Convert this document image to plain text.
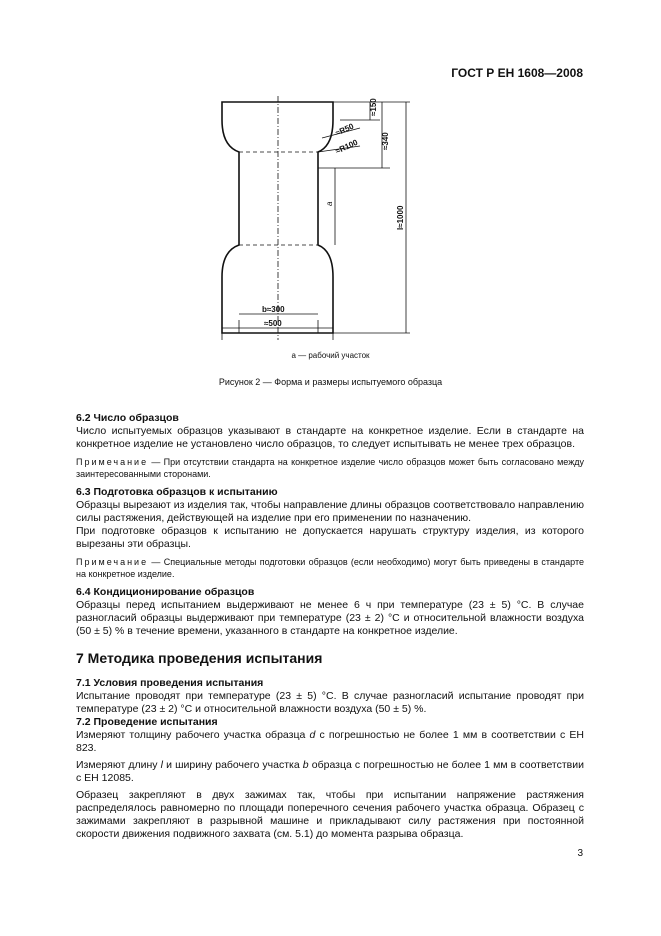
ГОСТ Р ЕН 1608—2008
≈150
≈340
l≈1000
≈R50
≈R100
a
b≈300
≈500
a — рабочий участок
Рисунок 2 — Форма и размеры испытуемого образца

6.2 Число образцов

Число испытуемых образцов указывают в стандарте на конкретное изделие. Если в стандарте на конкретное изделие не установлено число образцов, то следует испытывать не менее трех образцов.

Примечание — При отсутствии стандарта на конкретное изделие число образцов может быть согласовано между заинтересованными сторонами.

6.3 Подготовка образцов к испытанию

Образцы вырезают из изделия так, чтобы направление длины образцов соответствовало направлению силы растяжения, действующей на изделие при его применении по назначению.

При подготовке образцов к испытанию не допускается нарушать структуру изделия, из которого вырезаны эти образцы.

Примечание — Специальные методы подготовки образцов (если необходимо) могут быть приведены в стандарте на конкретное изделие.

6.4 Кондиционирование образцов

Образцы перед испытанием выдерживают не менее 6 ч при температуре (23 ± 5) °C. В случае разногласий образцы выдерживают при температуре (23 ± 2) °C и относительной влажности воздуха (50 ± 5) % в течение времени, указанного в стандарте на конкретное изделие.

7 Методика проведения испытания

7.1 Условия проведения испытания

Испытание проводят при температуре (23 ± 5) °C. В случае разногласий испытание проводят при температуре (23 ± 2) °C и относительной влажности воздуха (50 ± 5) %.

7.2 Проведение испытания

Измеряют толщину рабочего участка образца d с погрешностью не более 1 мм в соответствии с ЕН 823.

Измеряют длину l и ширину рабочего участка b образца с погрешностью не более 1 мм в соответствии с ЕН 12085.

Образец закрепляют в двух зажимах так, чтобы при испытании напряжение растяжения распределялось равномерно по площади поперечного сечения рабочего участка образца. Образец с зажимами закрепляют в разрывной машине и прикладывают силу растяжения при постоянной скорости движения подвижного захвата (см. 5.1) до момента разрыва образца.

3
